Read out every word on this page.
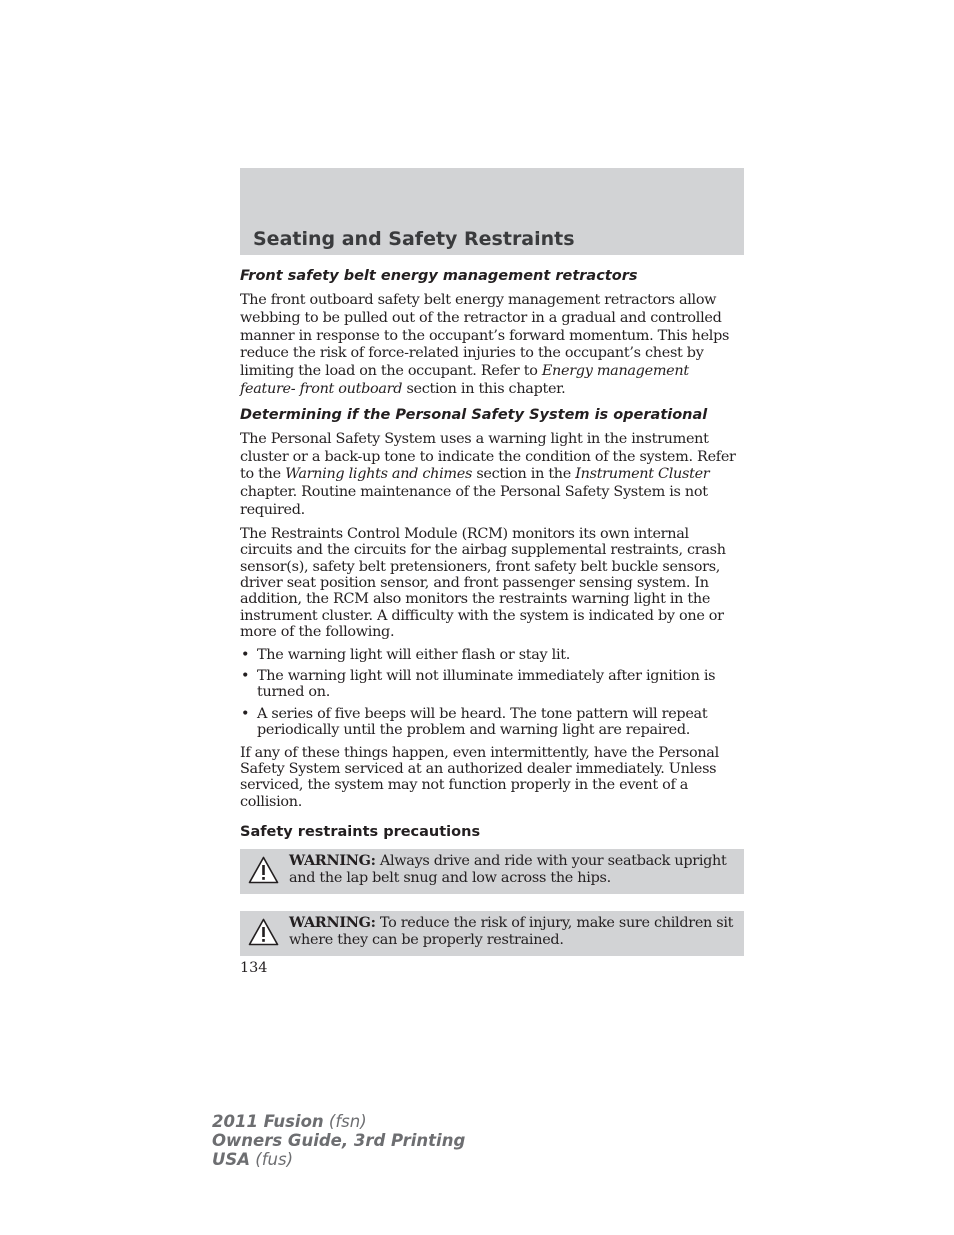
Seating and Safety Restraints
Front safety belt energy management retractors

The front outboard safety belt energy management retractors allow webbing to be pulled out of the retractor in a gradual and controlled manner in response to the occupant’s forward momentum. This helps reduce the risk of force-related injuries to the occupant’s chest by limiting the load on the occupant. Refer to Energy management feature- front outboard section in this chapter.

Determining if the Personal Safety System is operational

The Personal Safety System uses a warning light in the instrument cluster or a back-up tone to indicate the condition of the system. Refer to the Warning lights and chimes section in the Instrument Cluster chapter. Routine maintenance of the Personal Safety System is not required.

The Restraints Control Module (RCM) monitors its own internal circuits and the circuits for the airbag supplemental restraints, crash sensor(s), safety belt pretensioners, front safety belt buckle sensors, driver seat position sensor, and front passenger sensing system. In addition, the RCM also monitors the restraints warning light in the instrument cluster. A difficulty with the system is indicated by one or more of the following.

• The warning light will either flash or stay lit.
• The warning light will not illuminate immediately after ignition is turned on.
• A series of five beeps will be heard. The tone pattern will repeat periodically until the problem and warning light are repaired.

If any of these things happen, even intermittently, have the Personal Safety System serviced at an authorized dealer immediately. Unless serviced, the system may not function properly in the event of a collision.

Safety restraints precautions
WARNING: Always drive and ride with your seatback upright and the lap belt snug and low across the hips.
WARNING: To reduce the risk of injury, make sure children sit where they can be properly restrained.
134
2011 Fusion (fsn)
Owners Guide, 3rd Printing
USA (fus)
